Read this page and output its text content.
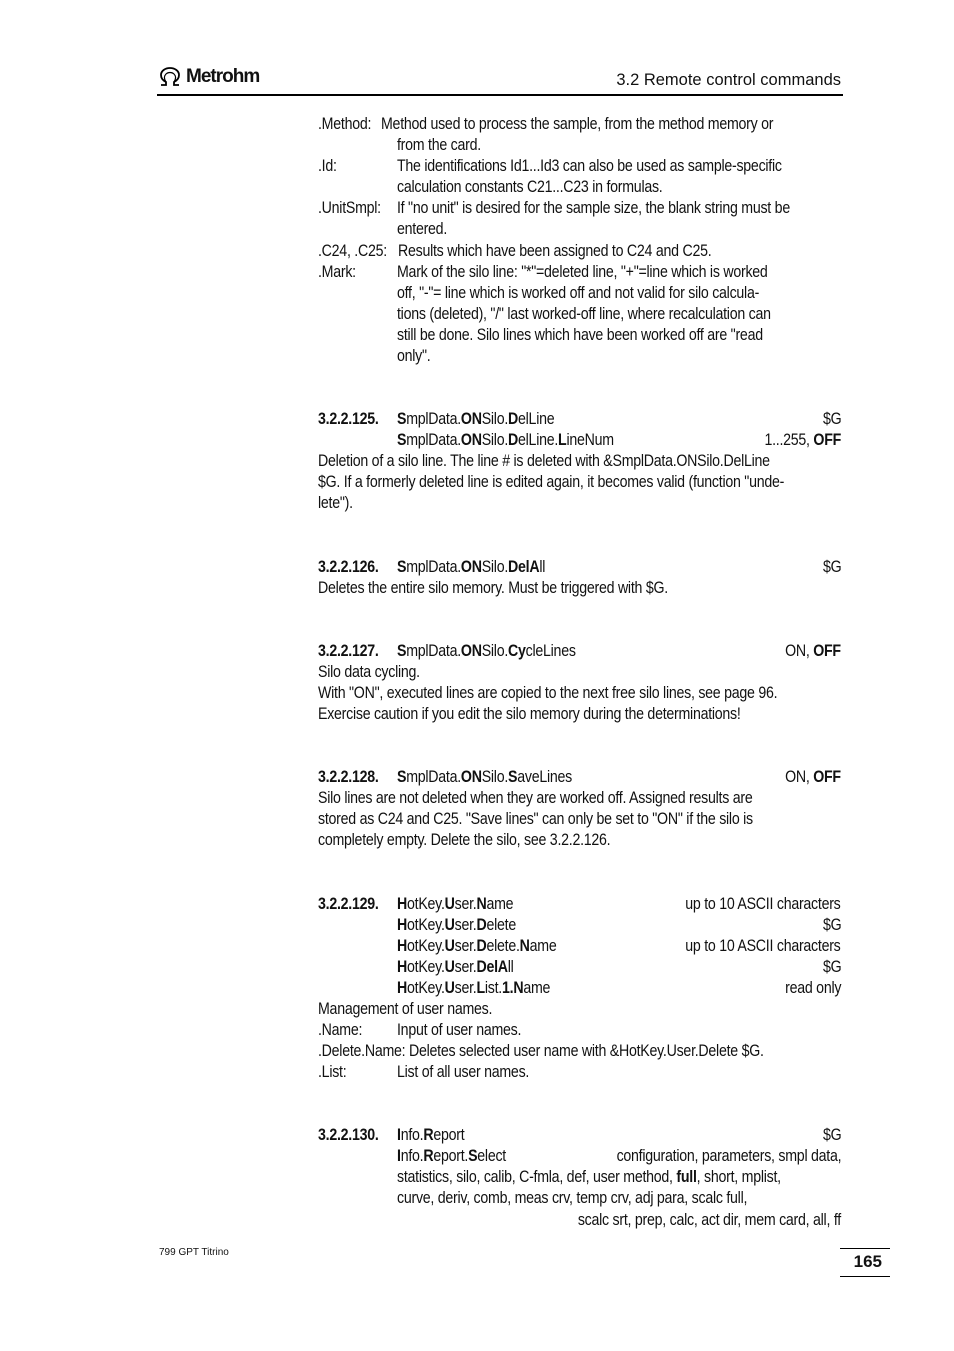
Metrohm	3.2 Remote control commands
.Method: Method used to process the sample, from the method memory or
from the card.
.Id:	The identifications Id1...Id3 can also be used as sample-specific
calculation constants C21...C23 in formulas.
.UnitSmpl: If "no unit" is desired for the sample size, the blank string must be
entered.
.C24, .C25: Results which have been assigned to C24 and C25.
.Mark: Mark of the silo line: "*"=deleted line, "+"=line which is worked
off, "-"= line which is worked off and not valid for silo calcula-
tions (deleted), "/" last worked-off line, where recalculation can
still be done. Silo lines which have been worked off are "read
only".
3.2.2.125. SmplData.ONSilo.DelLine	$G
SmplData.ONSilo.DelLine.LineNum	1...255, OFF
Deletion of a silo line. The line # is deleted with &SmplData.ONSilo.DelLine
$G. If a formerly deleted line is edited again, it becomes valid (function "unde-
lete").
3.2.2.126. SmplData.ONSilo.DelAll	$G
Deletes the entire silo memory. Must be triggered with $G.
3.2.2.127. SmplData.ONSilo.CycleLines	ON, OFF
Silo data cycling.
With "ON", executed lines are copied to the next free silo lines, see page 96.
Exercise caution if you edit the silo memory during the determinations!
3.2.2.128. SmplData.ONSilo.SaveLines	ON, OFF
Silo lines are not deleted when they are worked off. Assigned results are
stored as C24 and C25. "Save lines" can only be set to "ON" if the silo is
completely empty. Delete the silo, see 3.2.2.126.
3.2.2.129. HotKey.User.Name	up to 10 ASCII characters
HotKey.User.Delete	$G
HotKey.User.Delete.Name	up to 10 ASCII characters
HotKey.User.DelAll	$G
HotKey.User.List.1.Name	read only
Management of user names.
.Name: Input of user names.
.Delete.Name: Deletes selected user name with &HotKey.User.Delete $G.
.List:	List of all user names.
3.2.2.130. Info.Report	$G
Info.Report.Select	configuration, parameters, smpl data,
statistics, silo, calib, C-fmla, def, user method, full, short, mplist,
curve, deriv, comb, meas crv, temp crv, adj para, scalc full,
scalc srt, prep, calc, act dir, mem card, all, ff
799 GPT Titrino	165
